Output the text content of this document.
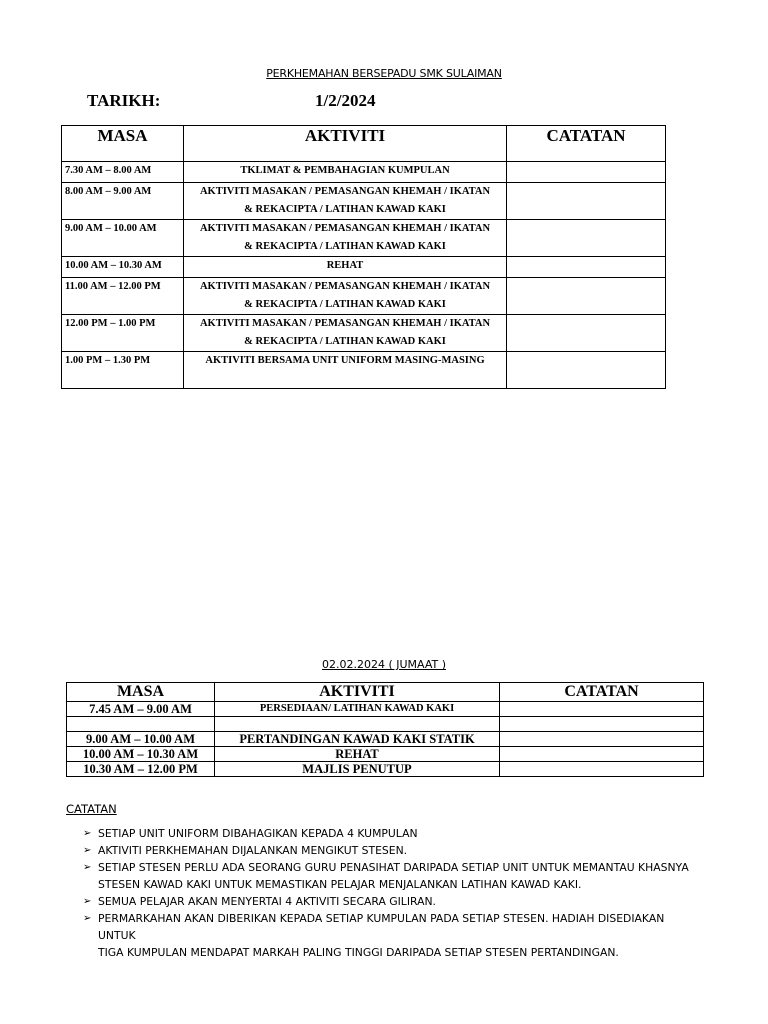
PERKHEMAHAN BERSEPADU SMK SULAIMAN
TARIKH:	1/2/2024
MASA	AKTIVITI	CATATAN
7.30 AM – 8.00 AM	TKLIMAT & PEMBAHAGIAN KUMPULAN	

8.00 AM – 9.00 AM	AKTIVITI MASAKAN / PEMASANGAN KHEMAH / IKATAN
& REKACIPTA / LATIHAN KAWAD KAKI	

9.00 AM – 10.00 AM	AKTIVITI MASAKAN / PEMASANGAN KHEMAH / IKATAN
& REKACIPTA / LATIHAN KAWAD KAKI	

10.00 AM – 10.30 AM	REHAT	

11.00 AM – 12.00 PM	AKTIVITI MASAKAN / PEMASANGAN KHEMAH / IKATAN
& REKACIPTA / LATIHAN KAWAD KAKI	

12.00 PM – 1.00 PM	AKTIVITI MASAKAN / PEMASANGAN KHEMAH / IKATAN
& REKACIPTA / LATIHAN KAWAD KAKI	

1.00 PM – 1.30 PM	AKTIVITI BERSAMA UNIT UNIFORM MASING-MASING	

02.02.2024 ( JUMAAT )
MASA	AKTIVITI	CATATAN
7.45 AM – 9.00 AM	PERSEDIAAN/ LATIHAN KAWAD KAKI	

9.00 AM – 10.00 AM	PERTANDINGAN KAWAD KAKI STATIK	
10.00 AM – 10.30 AM	REHAT	
10.30 AM – 12.00 PM	MAJLIS PENUTUP	
CATATAN
➢ SETIAP UNIT UNIFORM DIBAHAGIKAN KEPADA 4 KUMPULAN
➢ AKTIVITI PERKHEMAHAN DIJALANKAN MENGIKUT STESEN.
➢ SETIAP STESEN PERLU ADA SEORANG GURU PENASIHAT DARIPADA SETIAP UNIT UNTUK MEMANTAU KHASNYA
STESEN KAWAD KAKI UNTUK MEMASTIKAN PELAJAR MENJALANKAN LATIHAN KAWAD KAKI.
➢ SEMUA PELAJAR AKAN MENYERTAI 4 AKTIVITI SECARA GILIRAN.
➢ PERMARKAHAN AKAN DIBERIKAN KEPADA SETIAP KUMPULAN PADA SETIAP STESEN. HADIAH DISEDIAKAN UNTUK
TIGA KUMPULAN MENDAPAT MARKAH PALING TINGGI DARIPADA SETIAP STESEN PERTANDINGAN.
